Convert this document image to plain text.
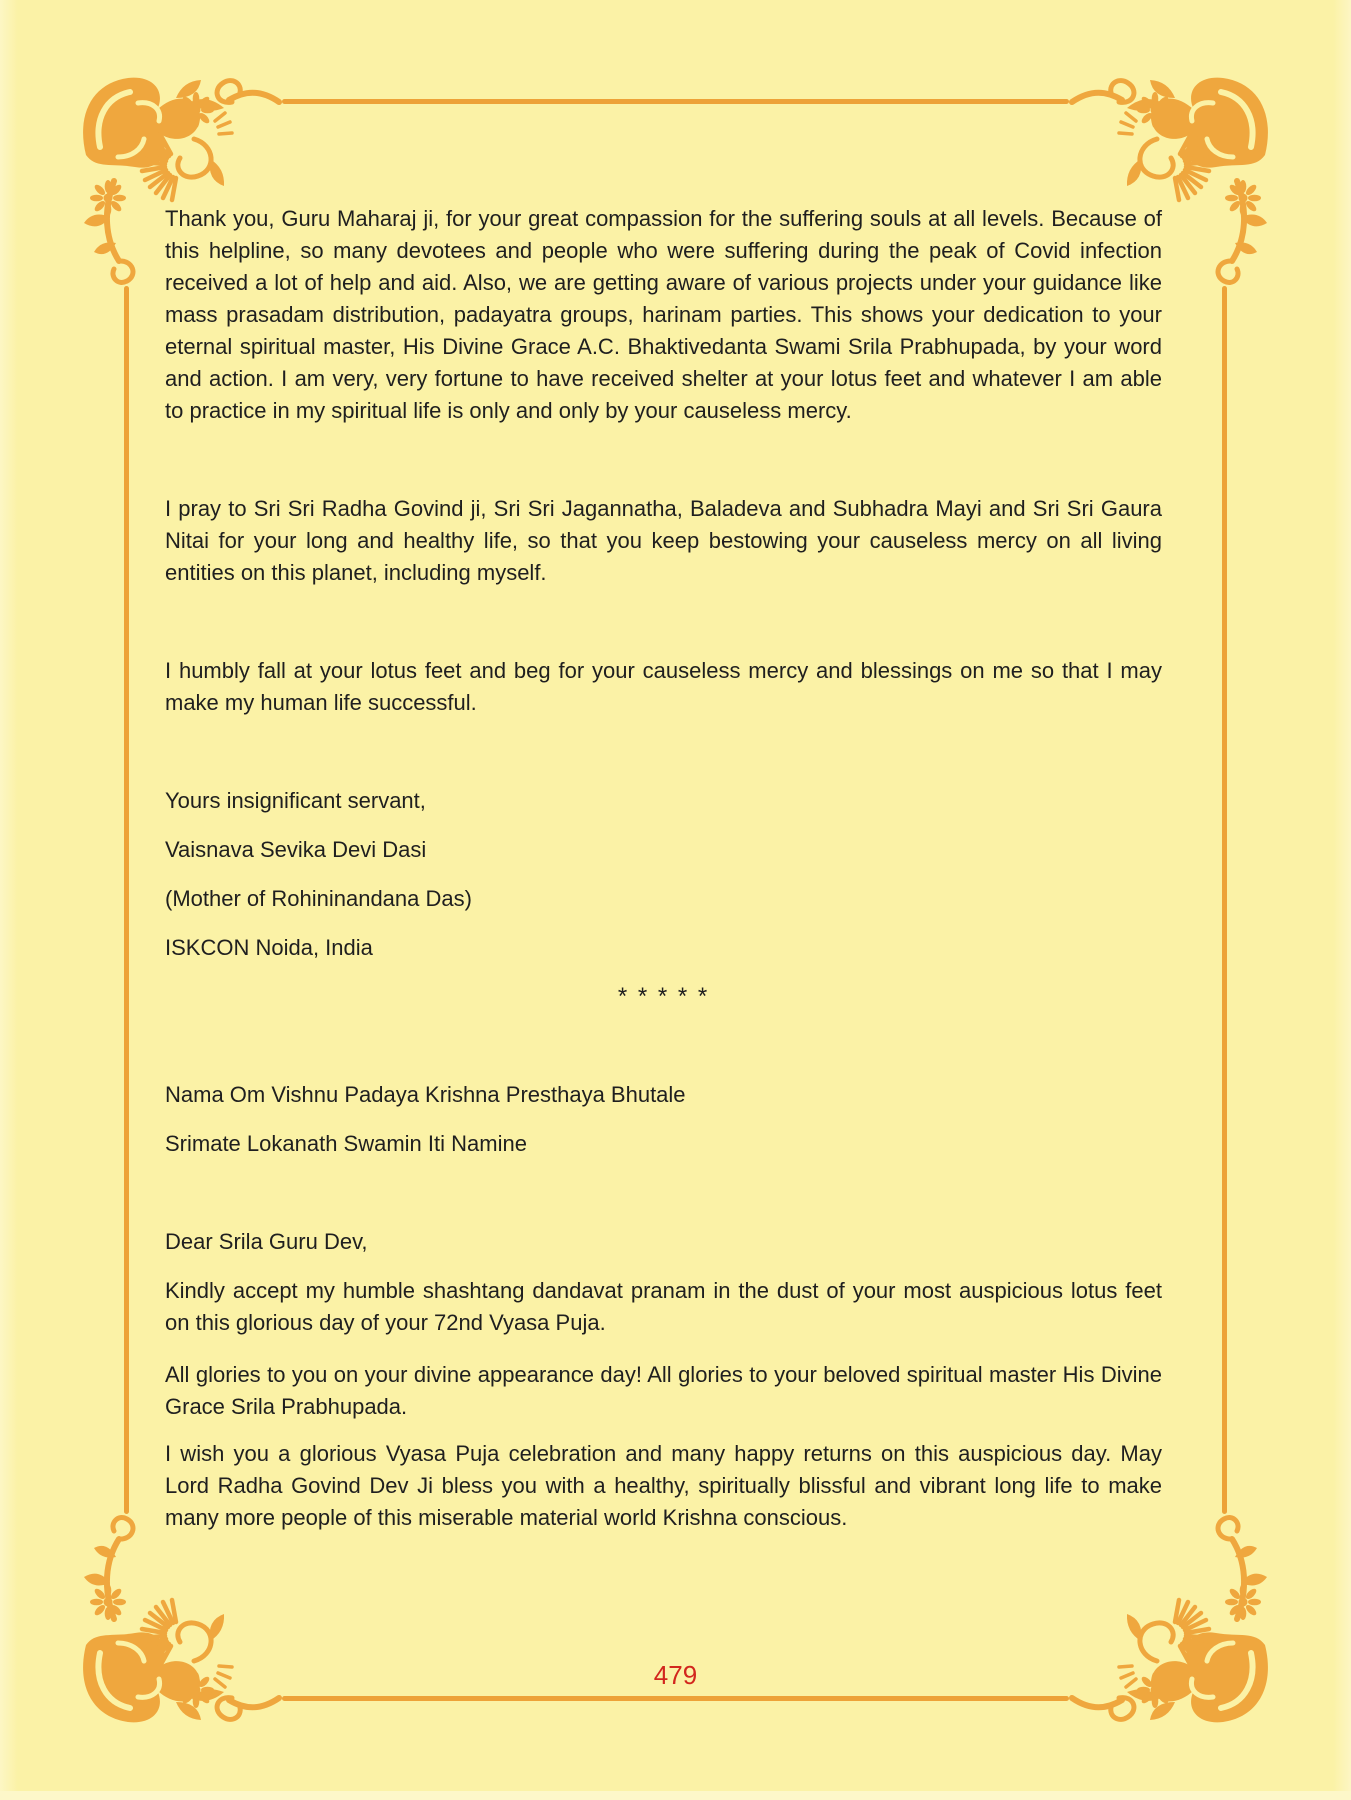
Thank you, Guru Maharaj ji, for your great compassion for the suffering souls at all levels. Because of this helpline, so many devotees and people who were suffering during the peak of Covid infection received a lot of help and aid. Also, we are getting aware of various projects under your guidance like mass prasadam distribution, padayatra groups, harinam parties. This shows your dedication to your eternal spiritual master, His Divine Grace A.C. Bhaktivedanta Swami Srila Prabhupada, by your word and action. I am very, very fortune to have received shelter at your lotus feet and whatever I am able to practice in my spiritual life is only and only by your causeless mercy.

I pray to Sri Sri Radha Govind ji, Sri Sri Jagannatha, Baladeva and Subhadra Mayi and Sri Sri Gaura Nitai for your long and healthy life, so that you keep bestowing your causeless mercy on all living entities on this planet, including myself.

I humbly fall at your lotus feet and beg for your causeless mercy and blessings on me so that I may make my human life successful.

Yours insignificant servant,

Vaisnava Sevika Devi Dasi

(Mother of Rohininandana Das)

ISKCON Noida, India

* * * * *

Nama Om Vishnu Padaya Krishna Presthaya Bhutale

Srimate Lokanath Swamin Iti Namine

Dear Srila Guru Dev,

Kindly accept my humble shashtang dandavat pranam in the dust of your most auspicious lotus feet on this glorious day of your 72nd Vyasa Puja.

All glories to you on your divine appearance day! All glories to your beloved spiritual master His Divine Grace Srila Prabhupada.

I wish you a glorious Vyasa Puja celebration and many happy returns on this auspicious day. May Lord Radha Govind Dev Ji bless you with a healthy, spiritually blissful and vibrant long life to make many more people of this miserable material world Krishna conscious.

479
